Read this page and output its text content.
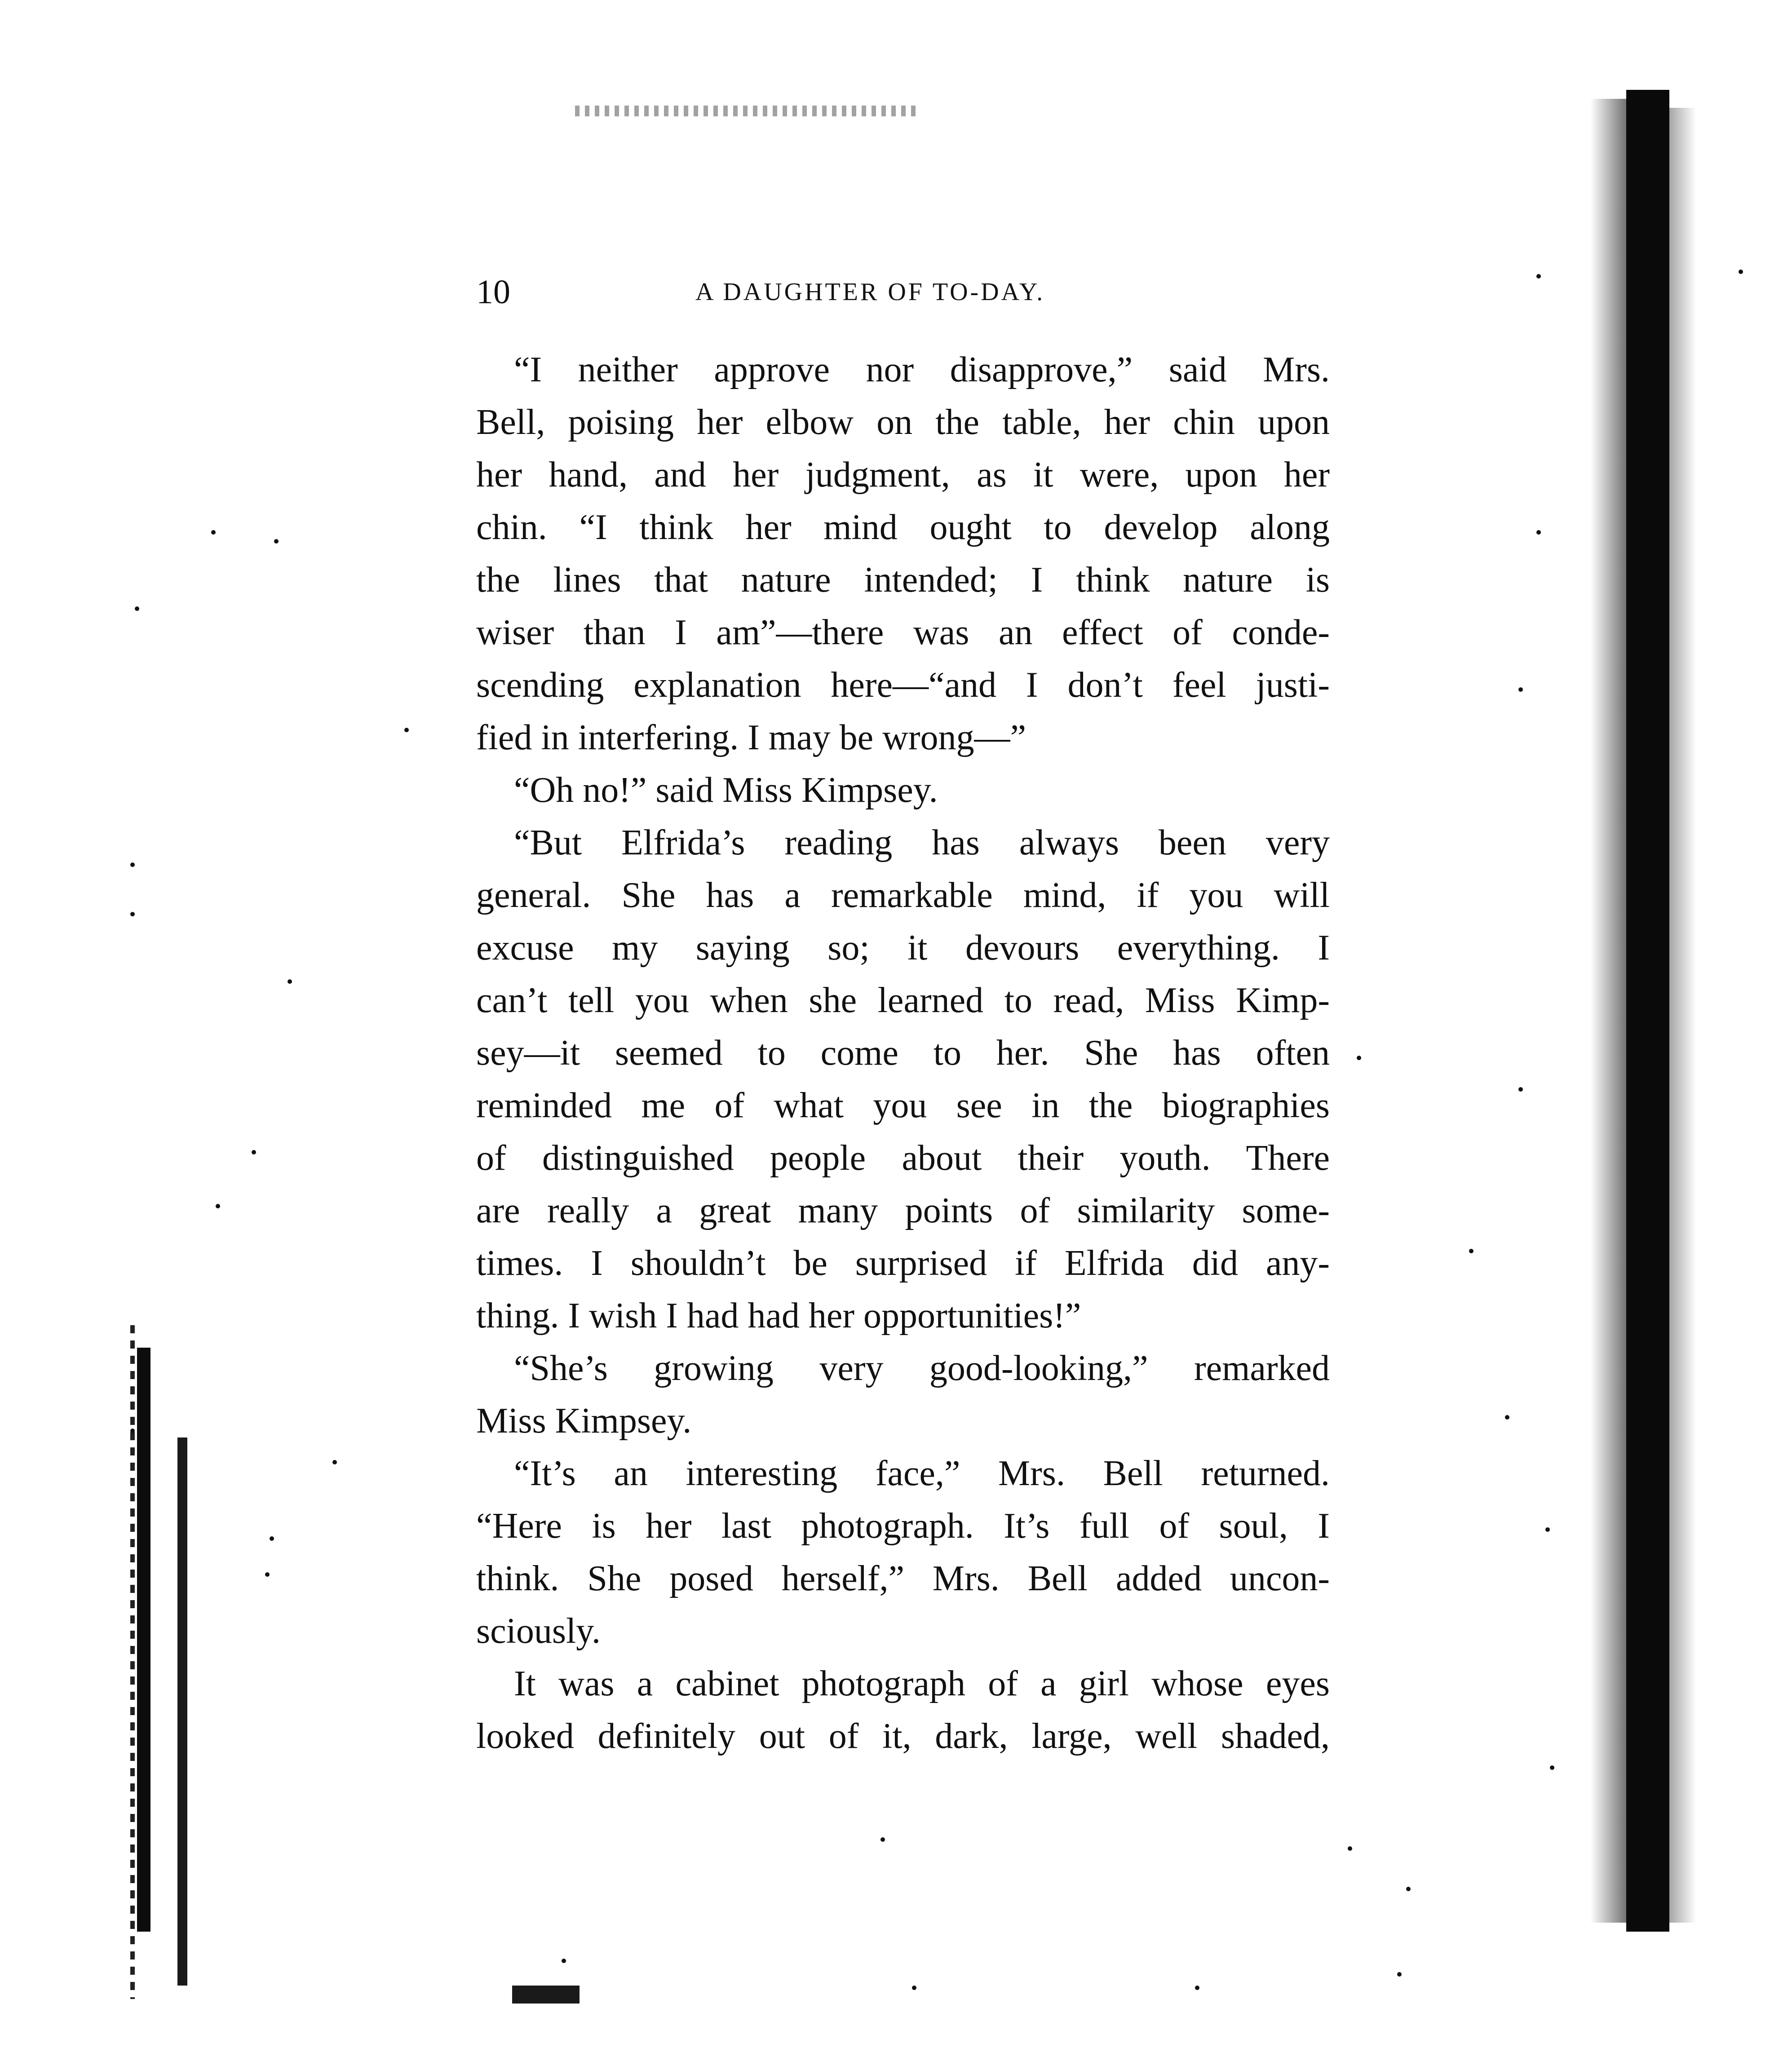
10	A DAUGHTER OF TO-DAY.
“I neither approve nor disapprove,” said Mrs.
Bell, poising her elbow on the table, her chin upon
her hand, and her judgment, as it were, upon her
chin. “I think her mind ought to develop along
the lines that nature intended; I think nature is
wiser than I am”—there was an effect of conde-
scending explanation here—“and I don’t feel justi-
fied in interfering. I may be wrong—”
“Oh no!” said Miss Kimpsey.
“But Elfrida’s reading has always been very
general. She has a remarkable mind, if you will
excuse my saying so; it devours everything. I
can’t tell you when she learned to read, Miss Kimp-
sey—it seemed to come to her. She has often
reminded me of what you see in the biographies
of distinguished people about their youth. There
are really a great many points of similarity some-
times. I shouldn’t be surprised if Elfrida did any-
thing. I wish I had had her opportunities!”
“She’s growing very good-looking,” remarked
Miss Kimpsey.
“It’s an interesting face,” Mrs. Bell returned.
“Here is her last photograph. It’s full of soul, I
think. She posed herself,” Mrs. Bell added uncon-
sciously.
It was a cabinet photograph of a girl whose eyes
looked definitely out of it, dark, large, well shaded,
